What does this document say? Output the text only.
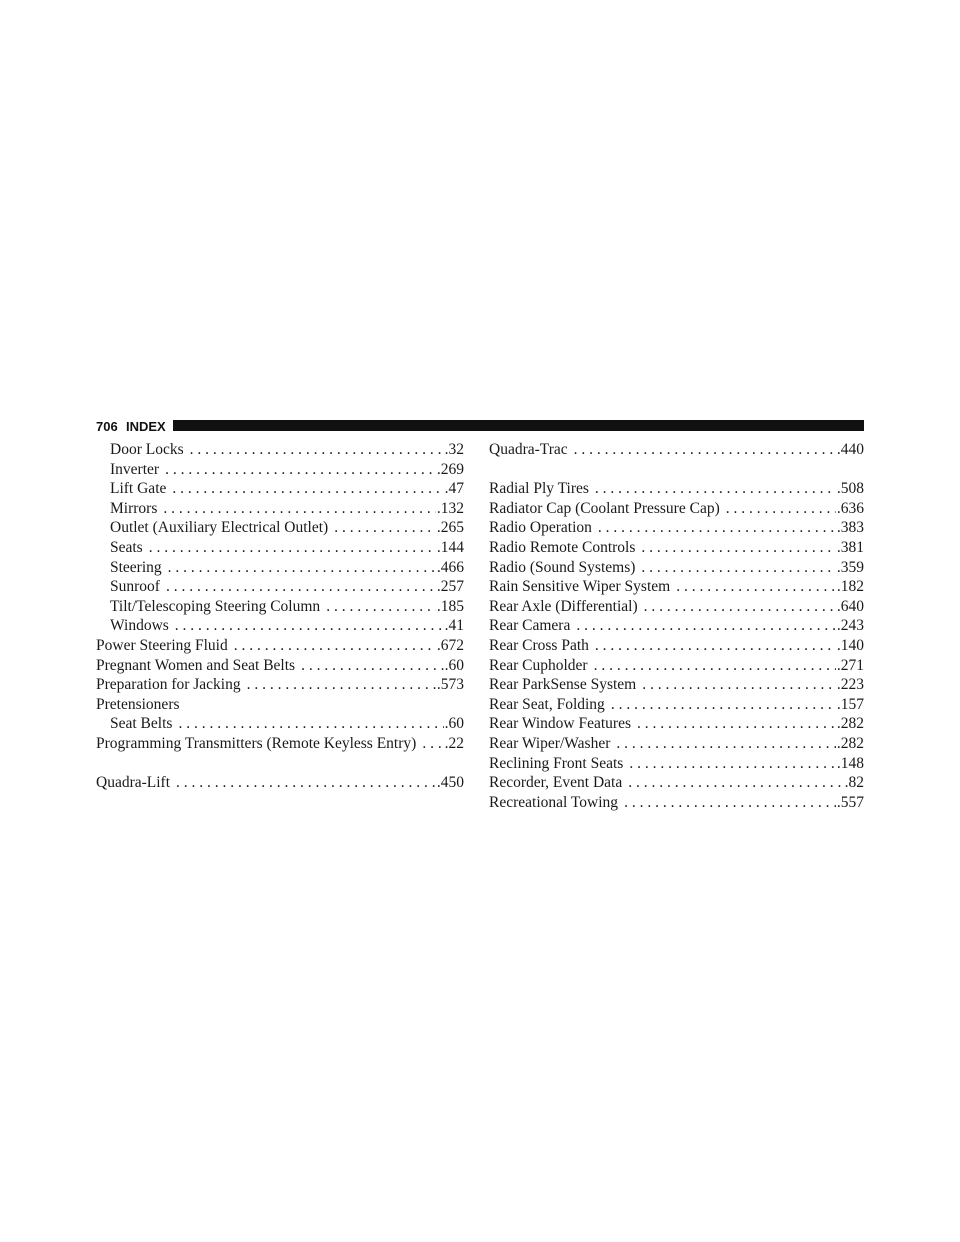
706 INDEX
Door Locks . . .	.32
Inverter . . .	.269
Lift Gate . . .	.47
Mirrors . . .	.132
Outlet (Auxiliary Electrical Outlet) . . .	.265
Seats . . .	.144
Steering . . .	.466
Sunroof . . .	.257
Tilt/Telescoping Steering Column . . .	.185
Windows . . .	.41
Power Steering Fluid . . .	.672
Pregnant Women and Seat Belts . . .	.60
Preparation for Jacking . . .	.573
Pretensioners
Seat Belts . . .	.60
Programming Transmitters (Remote Keyless Entry) . . . .22
Quadra-Lift . . .	.450
Quadra-Trac . . .	.440
Radial Ply Tires . . .	.508
Radiator Cap (Coolant Pressure Cap) . . .	.636
Radio Operation . . .	.383
Radio Remote Controls . . .	.381
Radio (Sound Systems) . . .	.359
Rain Sensitive Wiper System . . .	.182
Rear Axle (Differential) . . .	.640
Rear Camera . . .	.243
Rear Cross Path . . .	.140
Rear Cupholder . . .	.271
Rear ParkSense System . . .	.223
Rear Seat, Folding . . .	.157
Rear Window Features . . .	.282
Rear Wiper/Washer . . .	.282
Reclining Front Seats . . .	.148
Recorder, Event Data . . .	.82
Recreational Towing . . .	.557
